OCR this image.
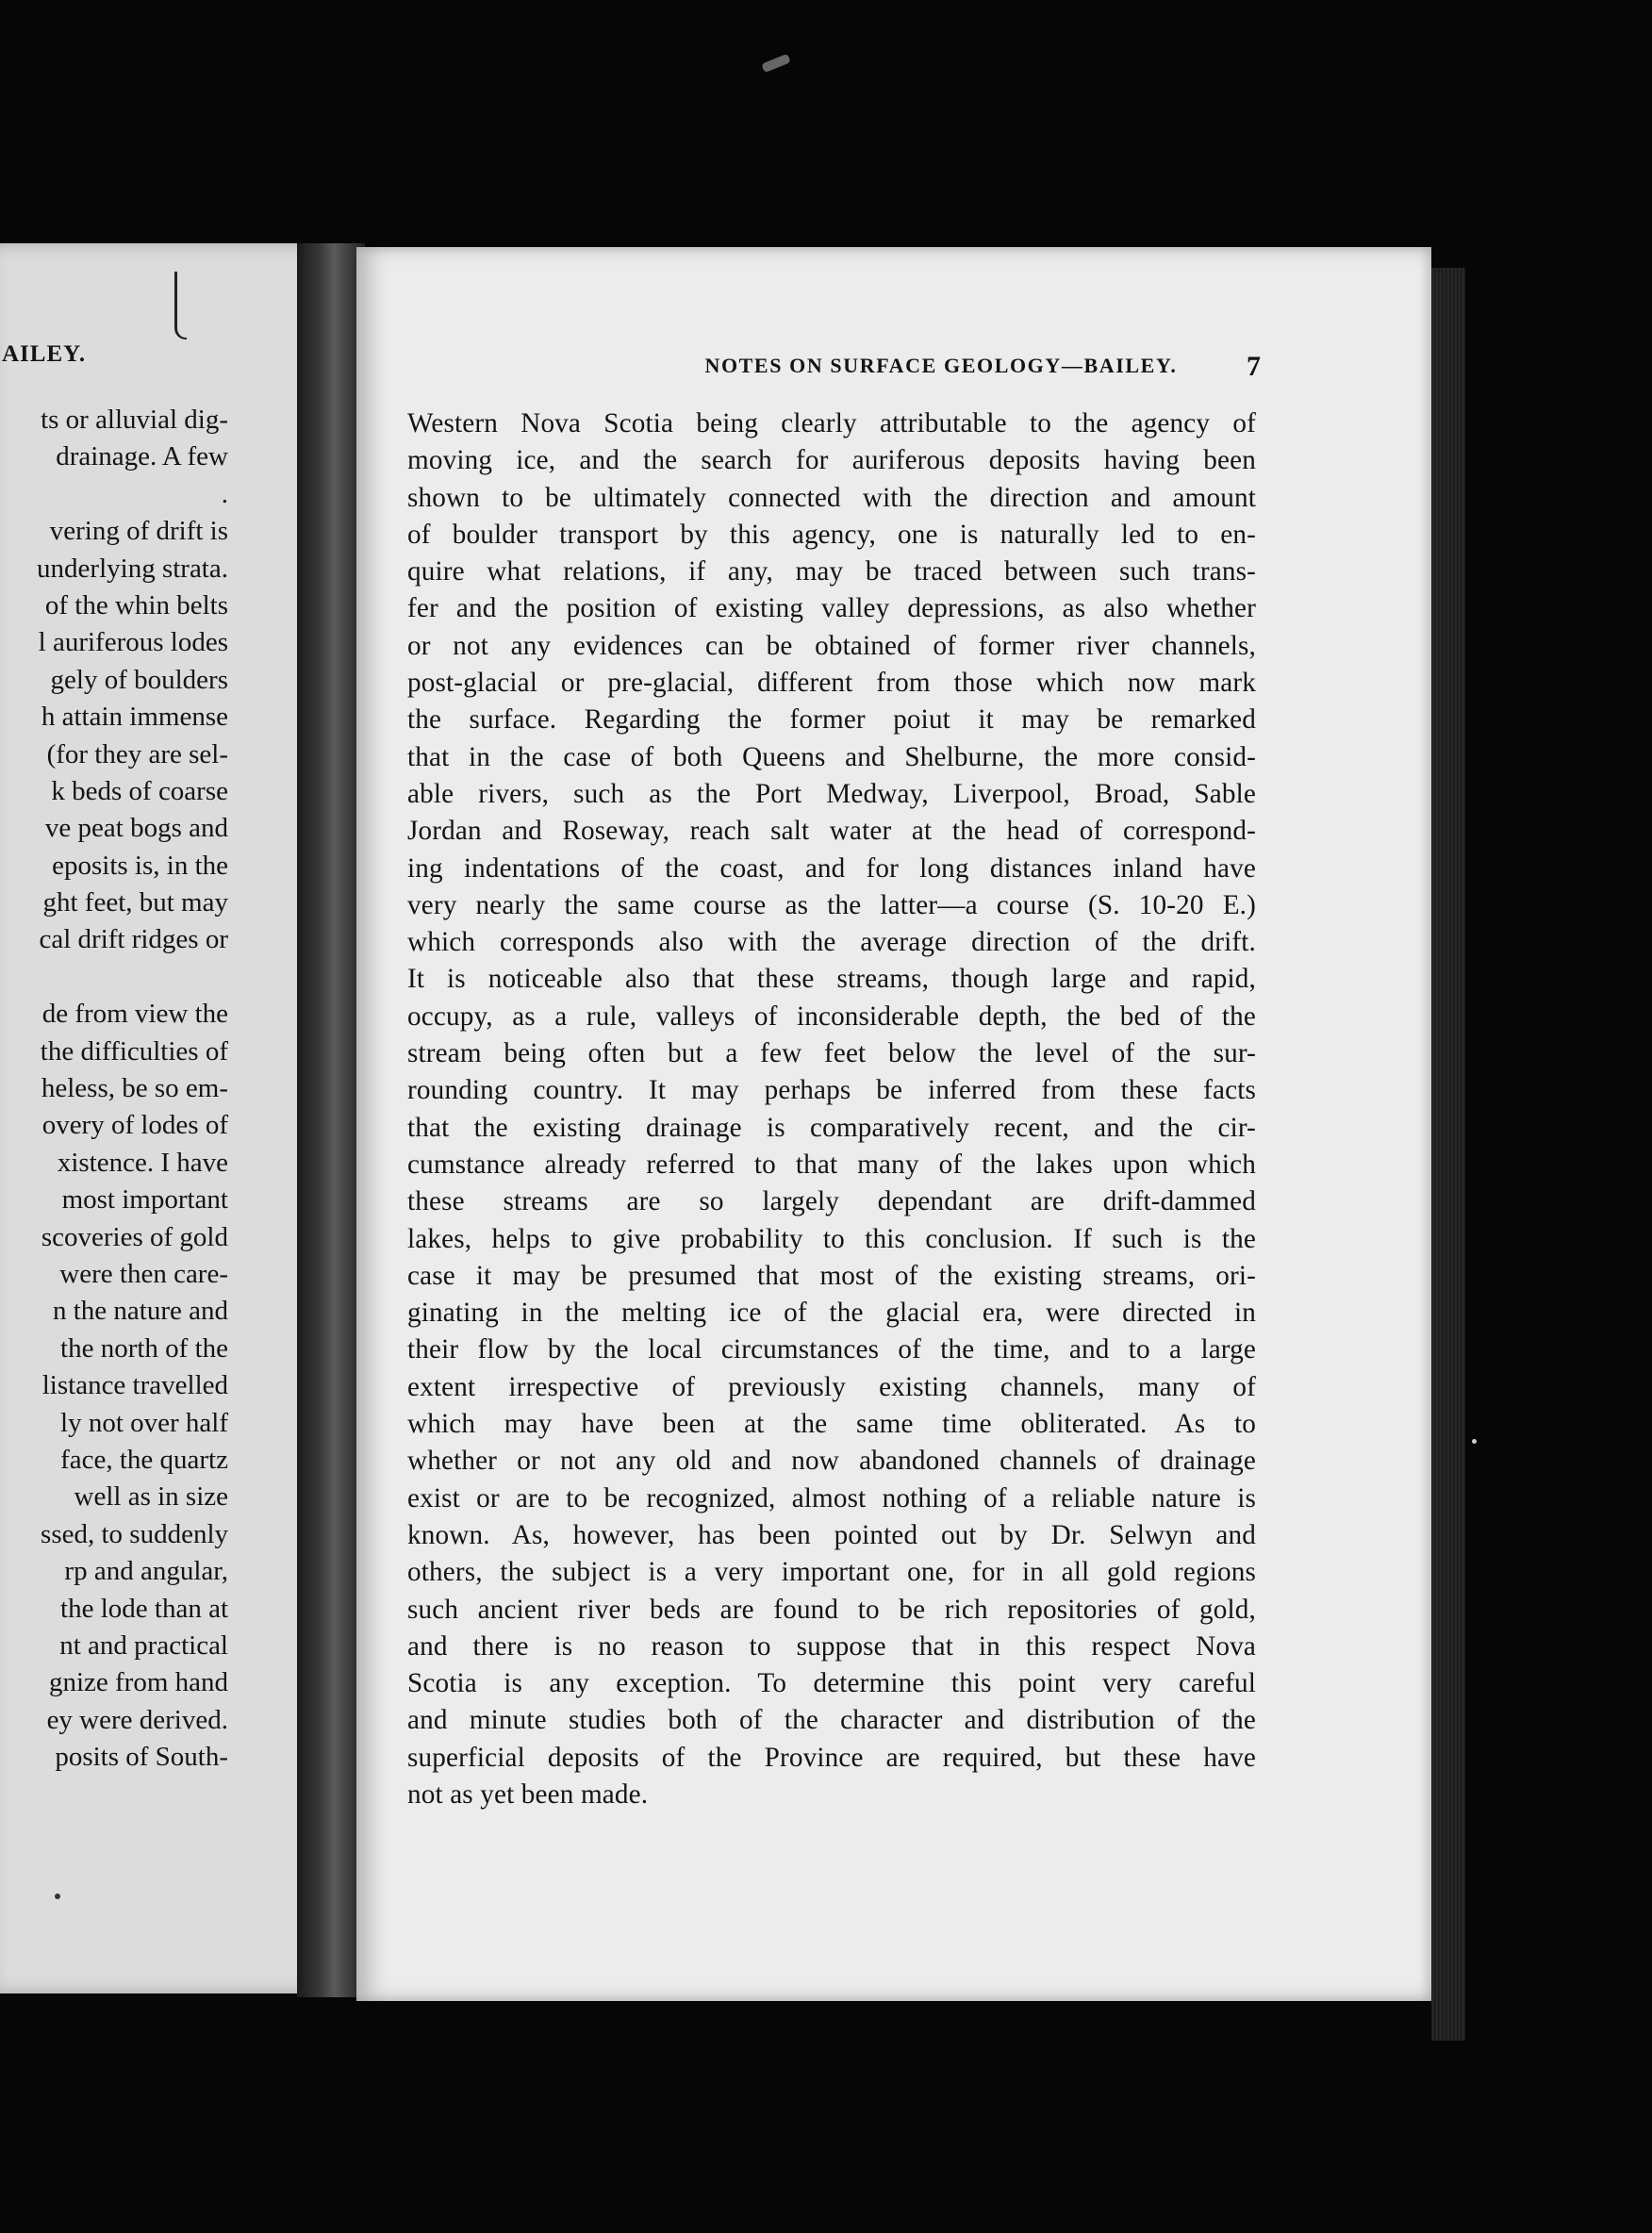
AILEY.
ts or alluvial dig-
drainage. A few
.
vering of drift is
underlying strata.
of the whin belts
l auriferous lodes
gely of boulders
h attain immense
(for they are sel-
k beds of coarse
ve peat bogs and
eposits is, in the
ght feet, but may
cal drift ridges or
de from view the
the difficulties of
heless, be so em-
overy of lodes of
xistence. I have
most important
scoveries of gold
were then care-
n the nature and
the north of the
listance travelled
ly not over half
face, the quartz
well as in size
ssed, to suddenly
rp and angular,
the lode than at
nt and practical
gnize from hand
ey were derived.
posits of South-
NOTES ON SURFACE GEOLOGY—BAILEY.	7
Western Nova Scotia being clearly attributable to the agency of
moving ice, and the search for auriferous deposits having been
shown to be ultimately connected with the direction and amount
of boulder transport by this agency, one is naturally led to en-
quire what relations, if any, may be traced between such trans-
fer and the position of existing valley depressions, as also whether
or not any evidences can be obtained of former river channels,
post-glacial or pre-glacial, different from those which now mark
the surface. Regarding the former poiut it may be remarked
that in the case of both Queens and Shelburne, the more consid-
able rivers, such as the Port Medway, Liverpool, Broad, Sable
Jordan and Roseway, reach salt water at the head of correspond-
ing indentations of the coast, and for long distances inland have
very nearly the same course as the latter—a course (S. 10-20 E.)
which corresponds also with the average direction of the drift.
It is noticeable also that these streams, though large and rapid,
occupy, as a rule, valleys of inconsiderable depth, the bed of the
stream being often but a few feet below the level of the sur-
rounding country. It may perhaps be inferred from these facts
that the existing drainage is comparatively recent, and the cir-
cumstance already referred to that many of the lakes upon which
these streams are so largely dependant are drift-dammed
lakes, helps to give probability to this conclusion. If such is the
case it may be presumed that most of the existing streams, ori-
ginating in the melting ice of the glacial era, were directed in
their flow by the local circumstances of the time, and to a large
extent irrespective of previously existing channels, many of
which may have been at the same time obliterated. As to
whether or not any old and now abandoned channels of drainage
exist or are to be recognized, almost nothing of a reliable nature is
known. As, however, has been pointed out by Dr. Selwyn and
others, the subject is a very important one, for in all gold regions
such ancient river beds are found to be rich repositories of gold,
and there is no reason to suppose that in this respect Nova
Scotia is any exception. To determine this point very careful
and minute studies both of the character and distribution of the
superficial deposits of the Province are required, but these have
not as yet been made.
